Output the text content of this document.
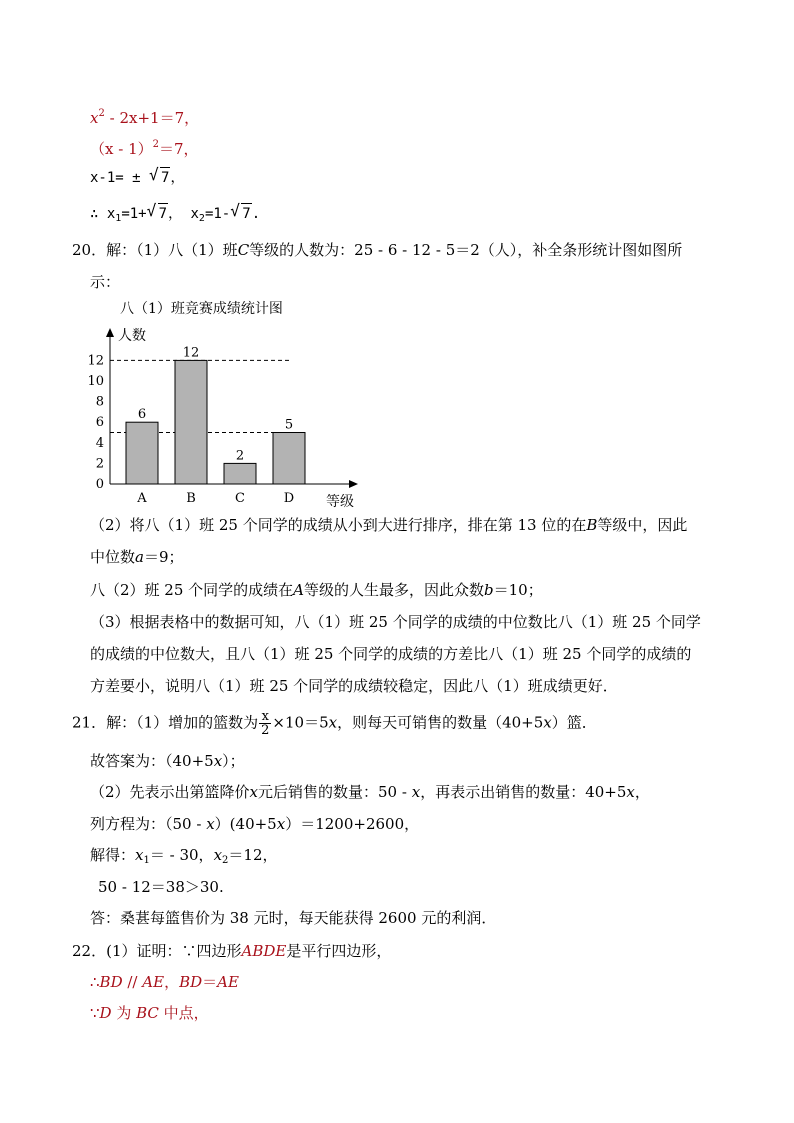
$x^2 - 2x+1=7$，
（x - 1）$^2$＝7，
x-1= ± √ 7，
∴ $x_1=1+$ √ 7， $x_2=1-$ √ 7.
20．解：（1）八（1）班C等级的人数为：25 - 6 - 12 - 5＝2（人），补全条形统计图如图所
示：
八（1）班竞赛成绩统计图
6
A
12
B
2
C
5
D
0
2
4
6
8
10
12
人数
等级
（2）将八（1）班 25 个同学的成绩从小到大进行排序，排在第 13 位的在B等级中，因此
中位数a＝9；
八（2）班 25 个同学的成绩在A等级的人生最多，因此众数b＝10；
（3）根据表格中的数据可知，八（1）班 25 个同学的成绩的中位数比八（1）班 25 个同学
的成绩的中位数大，且八（1）班 25 个同学的成绩的方差比八（1）班 25 个同学的成绩的
方差要小，说明八（1）班 25 个同学的成绩较稳定，因此八（1）班成绩更好．
21．解：（1）增加的篮数为 $\frac{x}{2} \times 10=5x$，则每天可销售的数量（40+5x）篮．
故答案为：（40+5x）；
（2）先表示出第篮降价x元后销售的数量：50 - x，再表示出销售的数量：40+5x，
列方程为：（50 - x）(40+5x）＝1200+2600，
解得：$x_1= - 30$，$x_2=12$，
50 - 12＝38＞30.
答：桑葚每篮售价为 38 元时，每天能获得 2600 元的利润．
22．(1）证明：∵四边形ABDE是平行四边形，
∴BD // AE，BD＝AE
∵D 为 BC 中点，
